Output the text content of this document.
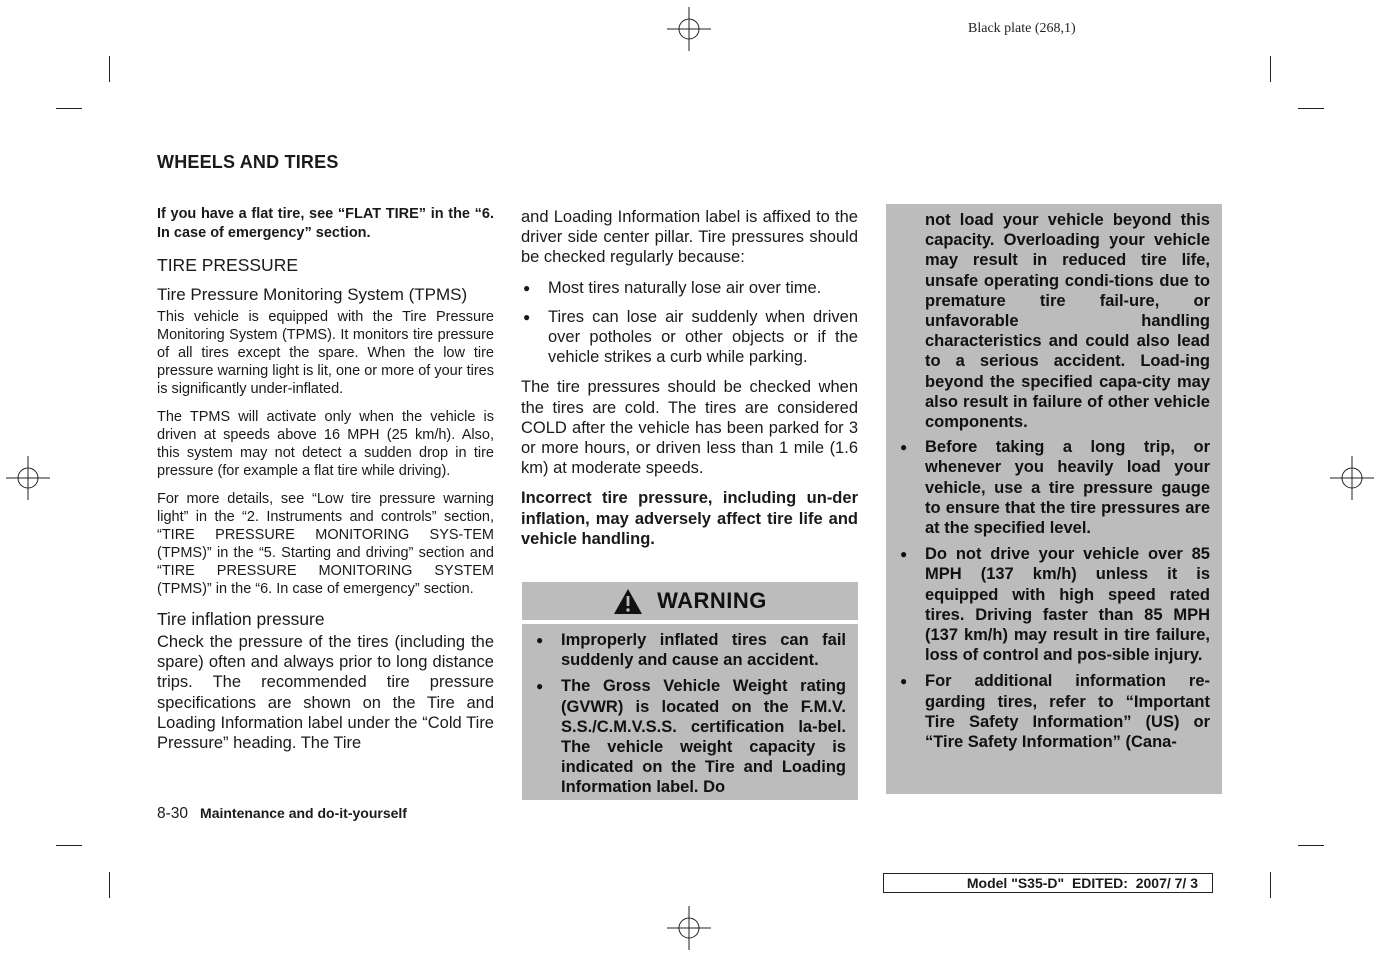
Black plate (268,1)
WHEELS AND TIRES

If you have a flat tire, see “FLAT TIRE” in the “6. In case of emergency” section.

TIRE PRESSURE

Tire Pressure Monitoring System (TPMS)

This vehicle is equipped with the Tire Pressure Monitoring System (TPMS). It monitors tire pressure of all tires except the spare. When the low tire pressure warning light is lit, one or more of your tires is significantly under-inflated.

The TPMS will activate only when the vehicle is driven at speeds above 16 MPH (25 km/h). Also, this system may not detect a sudden drop in tire pressure (for example a flat tire while driving).

For more details, see “Low tire pressure warning light” in the “2. Instruments and controls” section, “TIRE PRESSURE MONITORING SYS-TEM (TPMS)” in the “5. Starting and driving” section and “TIRE PRESSURE MONITORING SYSTEM (TPMS)” in the “6. In case of emergency” section.

Tire inflation pressure

Check the pressure of the tires (including the spare) often and always prior to long distance trips. The recommended tire pressure specifications are shown on the Tire and Loading Information label under the “Cold Tire Pressure” heading. The Tire

and Loading Information label is affixed to the driver side center pillar. Tire pressures should be checked regularly because:

● Most tires naturally lose air over time.
● Tires can lose air suddenly when driven over potholes or other objects or if the vehicle strikes a curb while parking.

The tire pressures should be checked when the tires are cold. The tires are considered COLD after the vehicle has been parked for 3 or more hours, or driven less than 1 mile (1.6 km) at moderate speeds.

Incorrect tire pressure, including un-der inflation, may adversely affect tire life and vehicle handling.

WARNING
● Improperly inflated tires can fail suddenly and cause an accident.
● The Gross Vehicle Weight rating (GVWR) is located on the F.M.V. S.S./C.M.V.S.S. certification la-bel. The vehicle weight capacity is indicated on the Tire and Loading Information label. Do

not load your vehicle beyond this capacity. Overloading your vehicle may result in reduced tire life, unsafe operating condi-tions due to premature tire fail-ure, or unfavorable handling characteristics and could also lead to a serious accident. Load-ing beyond the specified capa-city may also result in failure of other vehicle components.

● Before taking a long trip, or whenever you heavily load your vehicle, use a tire pressure gauge to ensure that the tire pressures are at the specified level.
● Do not drive your vehicle over 85 MPH (137 km/h) unless it is equipped with high speed rated tires. Driving faster than 85 MPH (137 km/h) may result in tire failure, loss of control and pos-sible injury.
● For additional information re-garding tires, refer to “Important Tire Safety Information” (US) or “Tire Safety Information” (Cana-
8-30 Maintenance and do-it-yourself
Model "S35-D"  EDITED:  2007/ 7/ 3
